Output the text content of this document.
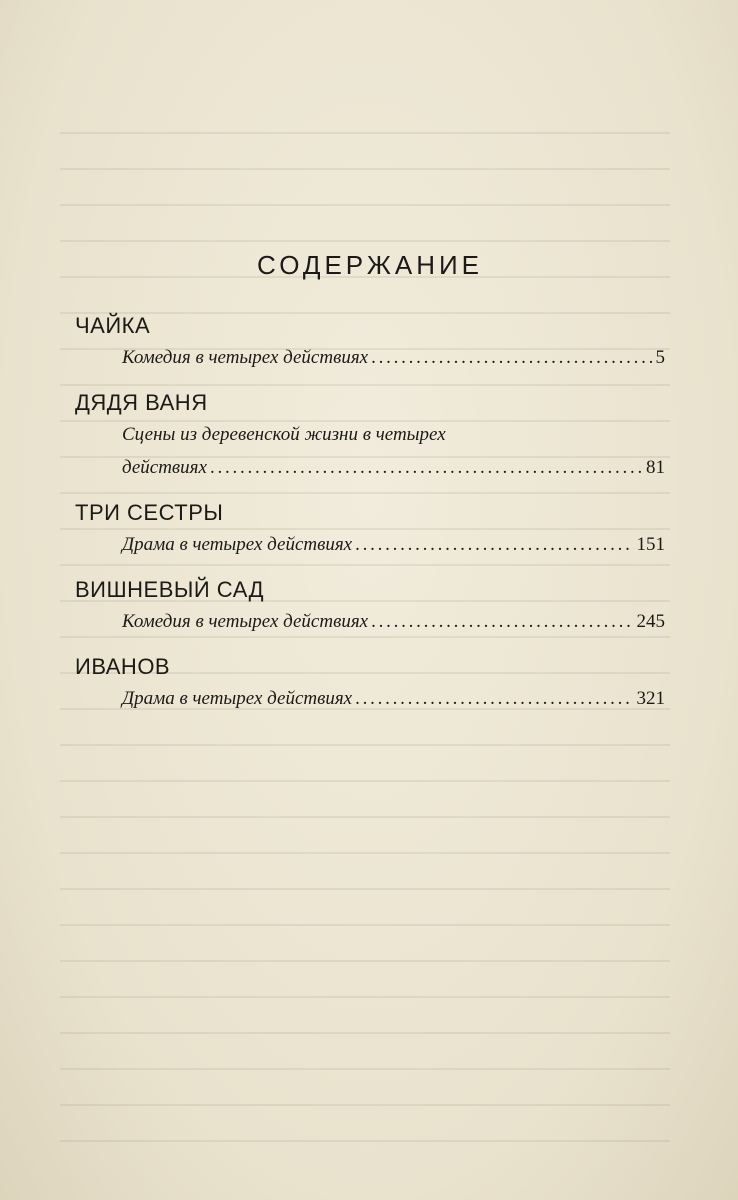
СОДЕРЖАНИЕ
ЧАЙКА
Комедия в четырех действиях . . .	5
ДЯДЯ ВАНЯ
Сцены из деревенской жизни в четырех
действиях . . .	81
ТРИ СЕСТРЫ
Драма в четырех действиях . . .	151
ВИШНЕВЫЙ САД
Комедия в четырех действиях . . .	245
ИВАНОВ
Драма в четырех действиях . . .	321
